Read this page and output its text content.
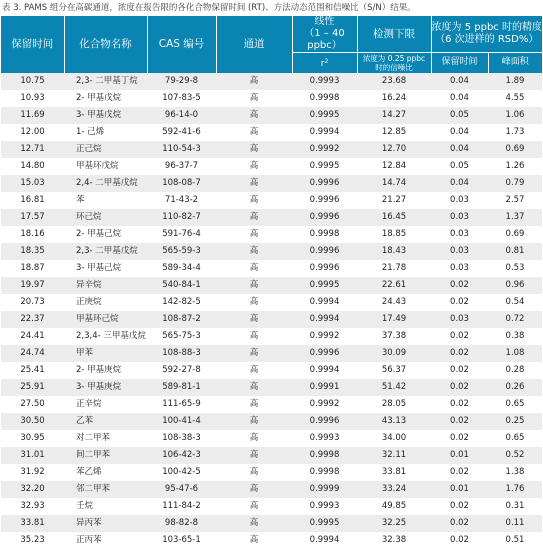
表 3. PAMS 组分在高碳通道，浓度在报告限的各化合物保留时间 (RT)、方法动态范围和信噪比（S/N）结果。
保留时间	化合物名称	CAS 编号	通道	线性
（1 – 40 ppbc）	检测下限	浓度为 5 ppbc 时的精度
（6 次进样的 RSD%）	
				$r^2$	浓度为 0.25 ppbc
时的信噪比	保留时间	峰面积
10.75	2,3- 二甲基丁烷	79-29-8	高	0.9993	23.68	0.04	1.89
10.93	2- 甲基戊烷	107-83-5	高	0.9998	16.24	0.04	4.55
11.69	3- 甲基戊烷	96-14-0	高	0.9995	14.27	0.05	1.06
12.00	1- 己烯	592-41-6	高	0.9994	12.85	0.04	1.73
12.71	正己烷	110-54-3	高	0.9992	12.70	0.04	0.69
14.80	甲基环戊烷	96-37-7	高	0.9995	12.84	0.05	1.26
15.03	2,4- 二甲基戊烷	108-08-7	高	0.9996	14.74	0.04	0.79
16.81	苯	71-43-2	高	0.9996	21.27	0.03	2.57
17.57	环己烷	110-82-7	高	0.9996	16.45	0.03	1.37
18.16	2- 甲基己烷	591-76-4	高	0.9998	18.85	0.03	0.69
18.35	2,3- 二甲基戊烷	565-59-3	高	0.9996	18.43	0.03	0.81
18.87	3- 甲基己烷	589-34-4	高	0.9996	21.78	0.03	0.53
19.97	异辛烷	540-84-1	高	0.9995	22.61	0.02	0.96
20.73	正庚烷	142-82-5	高	0.9994	24.43	0.02	0.54
22.37	甲基环己烷	108-87-2	高	0.9994	17.49	0.03	0.72
24.41	2,3,4- 三甲基戊烷	565-75-3	高	0.9992	37.38	0.02	0.38
24.74	甲苯	108-88-3	高	0.9996	30.09	0.02	1.08
25.41	2- 甲基庚烷	592-27-8	高	0.9994	56.37	0.02	0.28
25.91	3- 甲基庚烷	589-81-1	高	0.9991	51.42	0.02	0.26
27.50	正辛烷	111-65-9	高	0.9992	28.05	0.02	0.65
30.50	乙苯	100-41-4	高	0.9996	43.13	0.02	0.25
30.95	对二甲苯	108-38-3	高	0.9993	34.00	0.02	0.65
31.01	间二甲苯	106-42-3	高	0.9998	32.11	0.01	0.52
31.92	苯乙烯	100-42-5	高	0.9998	33.81	0.02	1.38
32.20	邻二甲苯	95-47-6	高	0.9999	33.24	0.01	1.76
32.93	壬烷	111-84-2	高	0.9993	49.85	0.02	0.31
33.81	异丙苯	98-82-8	高	0.9995	32.25	0.02	0.11
35.23	正丙苯	103-65-1	高	0.9994	32.38	0.02	0.51
